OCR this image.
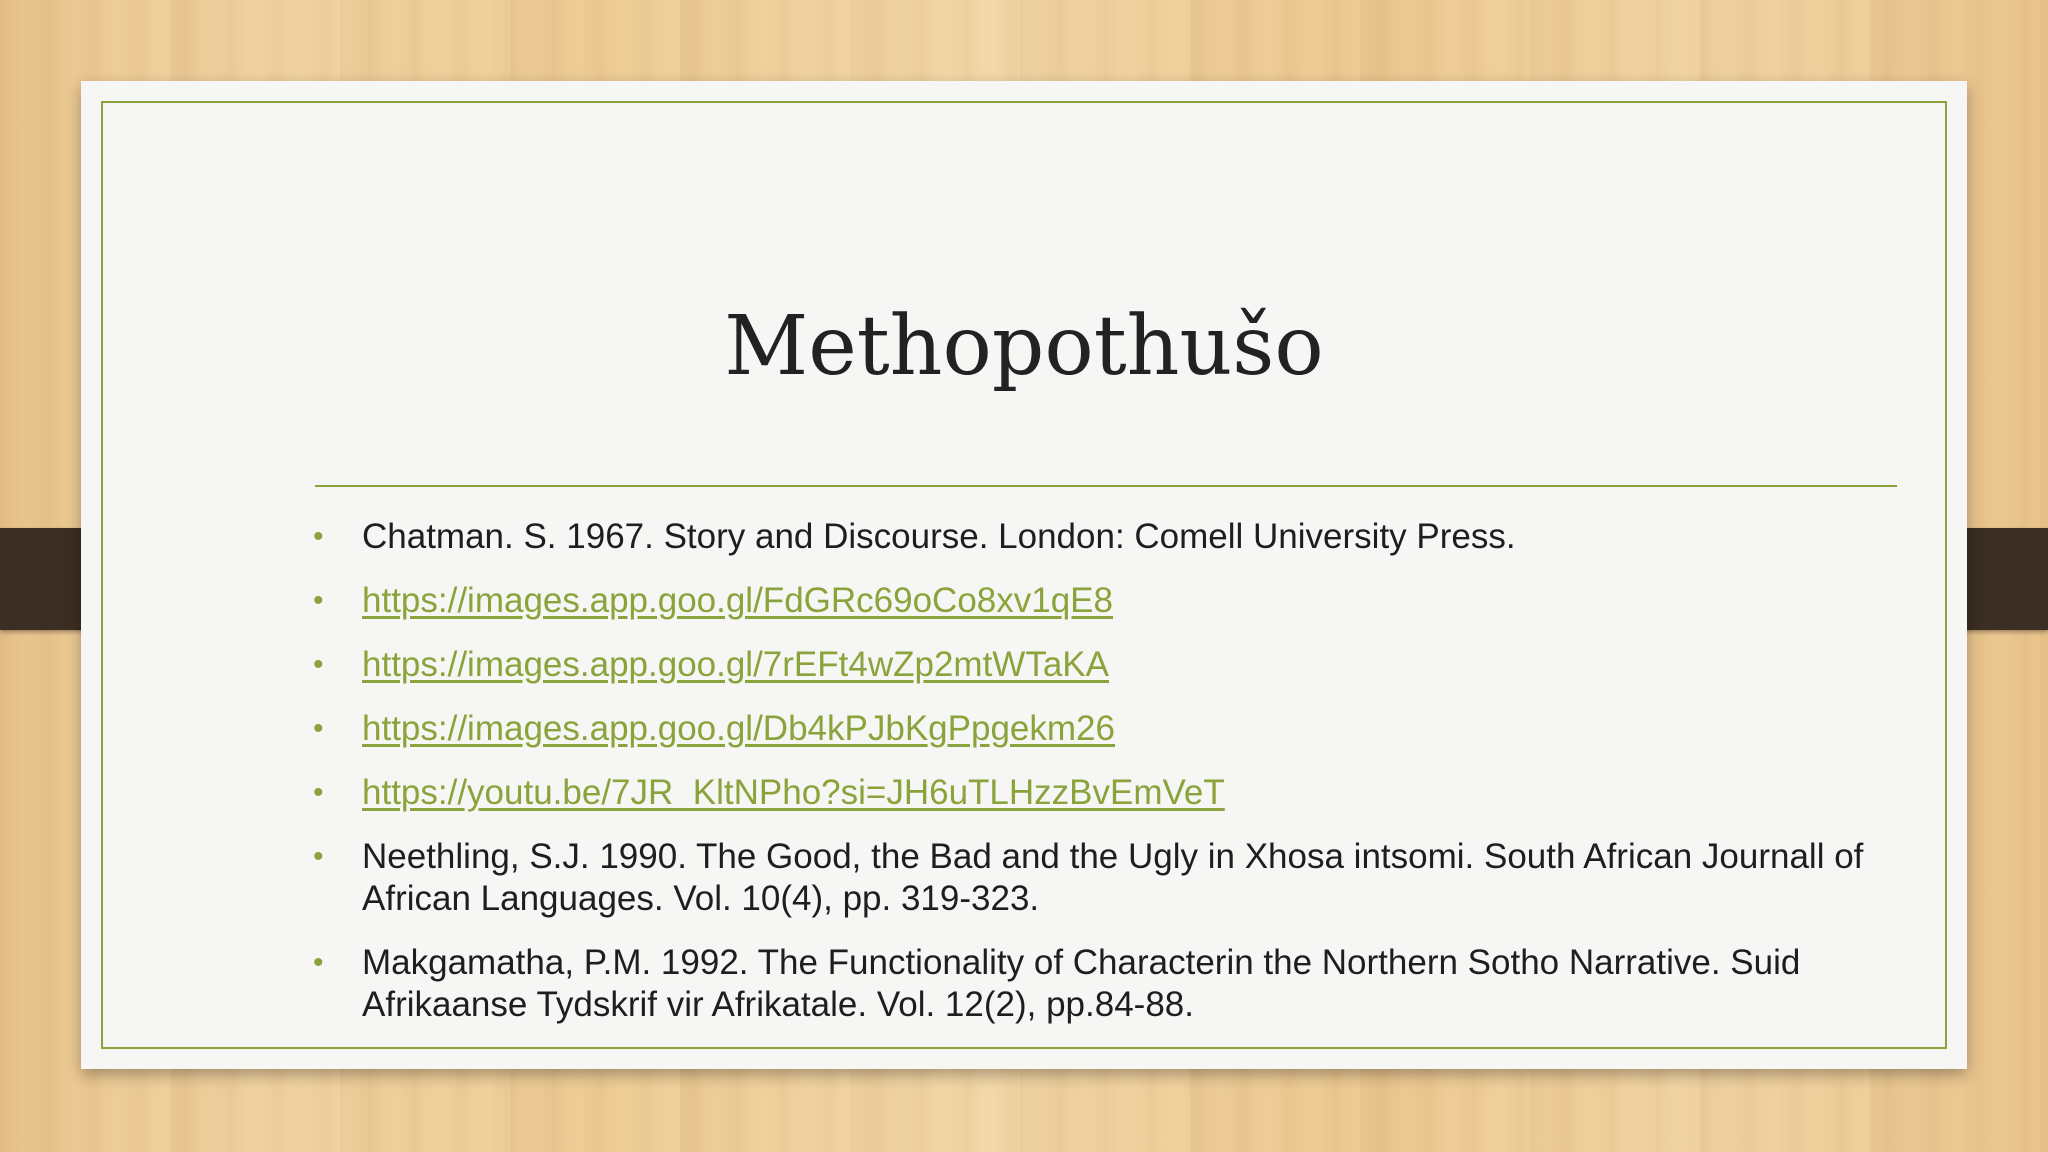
Methopothušo
• Chatman. S. 1967. Story and Discourse. London: Comell University Press.
• https://images.app.goo.gl/FdGRc69oCo8xv1qE8
• https://images.app.goo.gl/7rEFt4wZp2mtWTaKA
• https://images.app.goo.gl/Db4kPJbKgPpgekm26
• https://youtu.be/7JR_KltNPho?si=JH6uTLHzzBvEmVeT
• Neethling, S.J. 1990. The Good, the Bad and the Ugly in Xhosa intsomi. South African Journall of African Languages. Vol. 10(4), pp. 319-323.
• Makgamatha, P.M. 1992. The Functionality of Characterin the Northern Sotho Narrative. Suid Afrikaanse Tydskrif vir Afrikatale. Vol. 12(2), pp.84-88.
